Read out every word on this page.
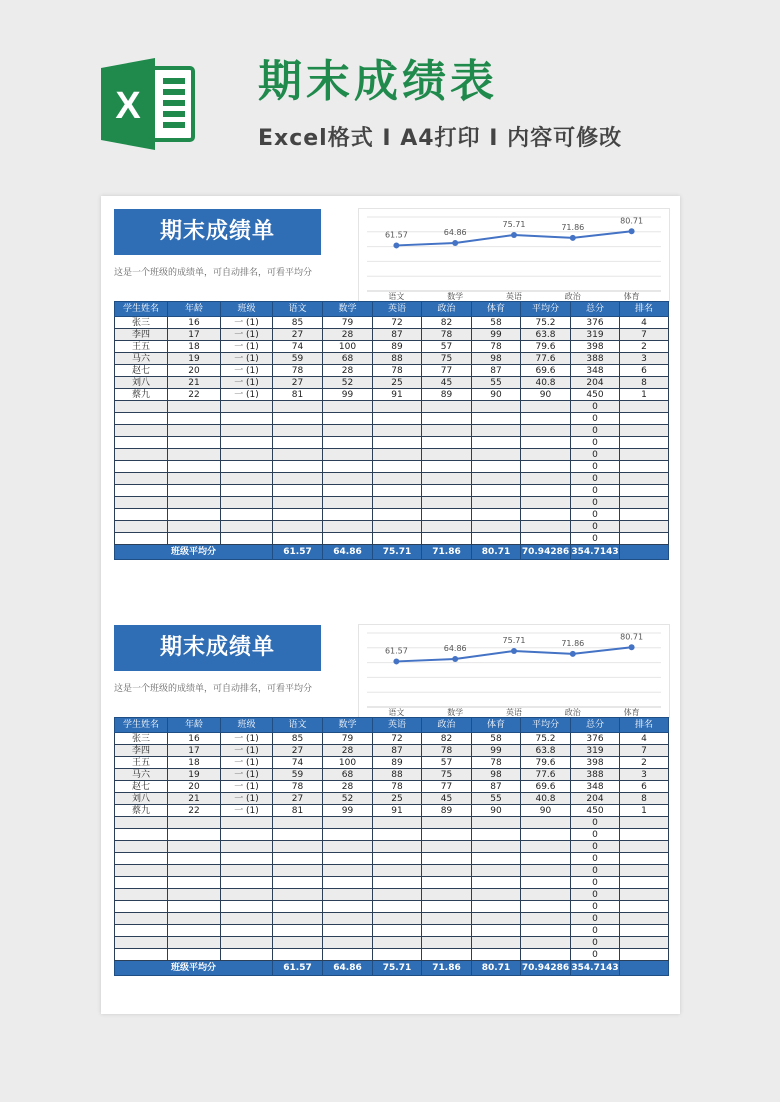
X	期末成绩表
Excel格式 I A4打印 I 内容可修改
期末成绩单
这是一个班级的成绩单，可自动排名，可看平均分
61.57	64.86
75.71	71.86
80.71
语文	数学	英语	政治	体育
学生姓名	年龄	班级	语文	数学	英语	政治	体育	平均分	总分	排名
张三	16	一 (1)	85	79	72	82	58	75.2	376	4
李四	17	一 (1)	27	28	87	78	99	63.8	319	7
王五	18	一 (1)	74	100	89	57	78	79.6	398	2
马六	19	一 (1)	59	68	88	75	98	77.6	388	3
赵七	20	一 (1)	78	28	78	77	87	69.6	348	6
刘八	21	一 (1)	27	52	25	45	55	40.8	204	8
蔡九	22	一 (1)	81	99	91	89	90	90	450	1
									0	
									0	
									0	
									0	
									0	
									0	
									0	
									0	
									0	
									0	
									0	
									0	
班级平均分			61.57	64.86	75.71	71.86	80.71	70.94286	354.7143	
期末成绩单
这是一个班级的成绩单，可自动排名，可看平均分
61.57	64.86
75.71	71.86
80.71
语文	数学	英语	政治	体育
学生姓名	年龄	班级	语文	数学	英语	政治	体育	平均分	总分	排名
张三	16	一 (1)	85	79	72	82	58	75.2	376	4
李四	17	一 (1)	27	28	87	78	99	63.8	319	7
王五	18	一 (1)	74	100	89	57	78	79.6	398	2
马六	19	一 (1)	59	68	88	75	98	77.6	388	3
赵七	20	一 (1)	78	28	78	77	87	69.6	348	6
刘八	21	一 (1)	27	52	25	45	55	40.8	204	8
蔡九	22	一 (1)	81	99	91	89	90	90	450	1
									0	
									0	
									0	
									0	
									0	
									0	
									0	
									0	
									0	
									0	
									0	
									0	
班级平均分			61.57	64.86	75.71	71.86	80.71	70.94286	354.7143	
